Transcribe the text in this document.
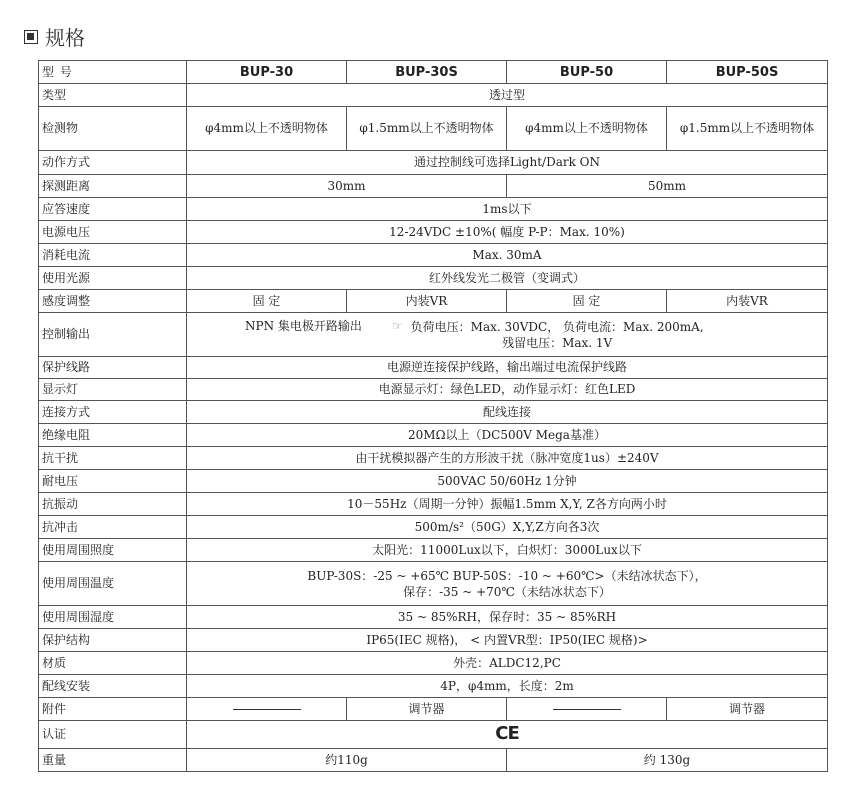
规格
型 号	BUP-30	BUP-30S	BUP-50	BUP-50S
类型	透过型			
检测物	φ4mm以上不透明物体	φ1.5mm以上不透明物体	φ4mm以上不透明物体	φ1.5mm以上不透明物体
动作方式	通过控制线可选择Light/Dark ON			
探测距离	30mm		50mm	
应答速度	1ms以下			
电源电压	12-24VDC ±10%( 幅度 P-P：Max. 10%)			
消耗电流	Max. 30mA			
使用光源	红外线发光二极管（变调式）			
感度调整	固 定	内装VR	固 定	内装VR
控制输出	NPN 集电极开路输出 ☞ 负荷电压：Max. 30VDC， 负荷电流：Max. 200mA,
残留电压：Max. 1V			

保护线路	电源逆连接保护线路，输出端过电流保护线路			
显示灯	电源显示灯：绿色LED，动作显示灯：红色LED			
连接方式	配线连接			
绝缘电阻	20MΩ以上（DC500V Mega基准）			
抗干扰	由干扰模拟器产生的方形波干扰（脉冲宽度1us）±240V			
耐电压	500VAC 50/60Hz 1分钟			
抗振动	10－55Hz（周期一分钟）振幅1.5mm X,Y, Z各方向两小时			
抗冲击	500m/s²（50G）X,Y,Z方向各3次			
使用周围照度	太阳光：11000Lux以下，白炽灯：3000Lux以下			
使用周围温度	BUP-30S：-25 ~ +65℃ BUP-50S：-10 ~ +60℃>（未结冰状态下），
保存：-35 ~ +70℃（未结冰状态下）			

使用周围湿度	35 ~ 85%RH，保存时：35 ~ 85%RH			
保护结构	IP65(IEC 规格)， < 内置VR型：IP50(IEC 规格)>			
材质	外壳：ALDC12,PC			
配线安装	4P，φ4mm，长度：2m			
附件		调节器		调节器
认证	CE			
重量	约110g		约 130g	
